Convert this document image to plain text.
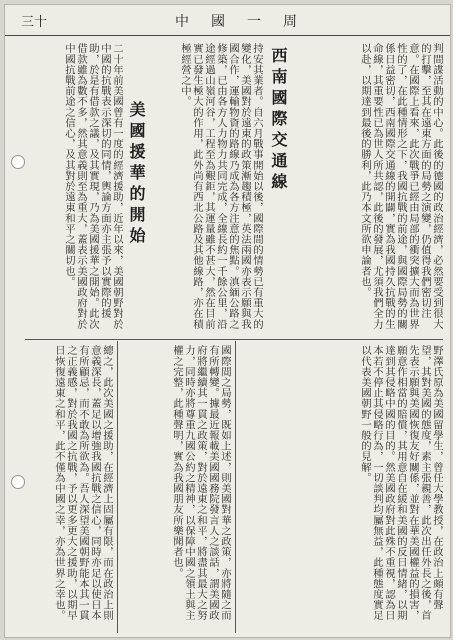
三十	中國一周
西南國際交通線	判間諜活動的中心。此後的德國的政治經濟，必然要受到很大的打擊，至其在遠東方面的局勢之演變，仍值得我們密切注意。在國際上看來，此次戰爭已經由局部的衝突擴大而為世界性的了，在此種情形之下，我國抗戰的前途，與國際局勢的關係日益密切，西南國際交通線的開闢，實為我國持久抗戰的生命線，其重要性已為世人所共認，此後的發展，尤須我們全力以赴，以期達到最後的勝利，此乃本文所欲申論者也。
持安其業者。自六月戰事開始以後，國際間的情勢已有重大的變化，美國對於遠東的政策漸趨積極，英法兩國亦表示願與我國合作，運輸物資的路線乃成為各方注意的焦點。滇緬公路之修築，已由各方人力物力共同完成，全線長約一千餘公里，沿途經過山嶺河谷，工程至為艱鉅，其運量雖不甚大，然在目前實已發生極大的作用，此外尚有西北公路及其他線路，亦在積極經營之中。
美國援華的開始
二十年前美國曾有一度的經濟援助，近年以來，美國朝野對於中國的抗戰表示深切的同情，輿論方面亦主張予以實際的援助，於是有借款之議，及其實現，乃為美國援華之開始。此次借款雖為數不多，然其意義則至為重大，蓋表示美國政府對於中國抗戰前途之信心，及其對於遠東和平之關切也。
野澤氏原為美國留學生，曾任大學教授，在政治上頗有聲望，其對美國的態度，素主張親善，此次出任外長之後，首先表示願與美國恢復友好關係，並對在華美國權益的損害，願意作相當的賠償，其用意自在緩和美國的反日情緒，以期達到其侵略中國的目的。然美國政府對此殊不重視，認為日本若不停止其侵略行為，一切談判均屬無益，此種態度實足以代表美國朝野一般的見解。
國際間之局勢，既如上述，則美國對華之政策，亦將隨之而有所轉變。據最近報載美國國務院發言人之談話，謂美國政府將繼續其一貫之政策，對於遠東之和平，將盡其最大之努力，同時亦將尊重九國公約之精神，以保障中國之領土與主權之完整，此種聲明，實為我國朋友所樂聞者也。
總之，此次美國之援助，在經濟上固屬有限，而在政治上則意義深長，蓋足以增強我國抗戰之信心，同時亦足以使日本有所顧忌，而不敢為所欲為。吾人深望美國朝野能本其一貫之正義感，對於我國之抗戰，予以更多更大之援助，以期早日恢復遠東之和平，此不僅為中國之幸，亦為世界之幸也。
